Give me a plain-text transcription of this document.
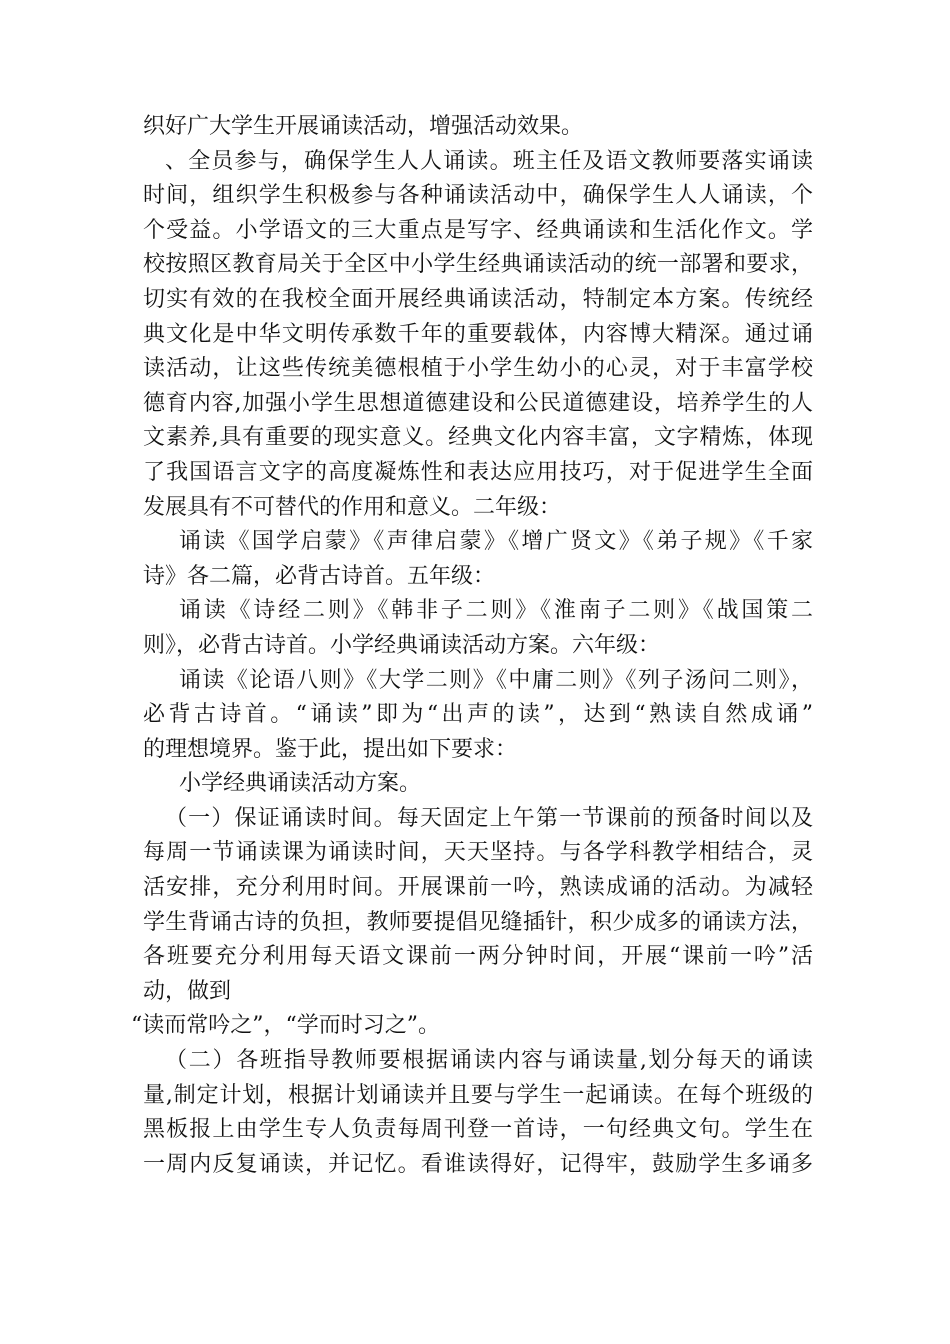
织好广大学生开展诵读活动，增强活动效果。
、全员参与，确保学生人人诵读。班主任及语文教师要落实诵读
时间，组织学生积极参与各种诵读活动中，确保学生人人诵读，个
个受益。小学语文的三大重点是写字、经典诵读和生活化作文。学
校按照区教育局关于全区中小学生经典诵读活动的统一部署和要求，
切实有效的在我校全面开展经典诵读活动，特制定本方案。传统经
典文化是中华文明传承数千年的重要载体，内容博大精深。通过诵
读活动，让这些传统美德根植于小学生幼小的心灵，对于丰富学校
德育内容,加强小学生思想道德建设和公民道德建设，培养学生的人
文素养,具有重要的现实意义。经典文化内容丰富，文字精炼，体现
了我国语言文字的高度凝炼性和表达应用技巧，对于促进学生全面
发展具有不可替代的作用和意义。二年级：
诵读《国学启蒙》《声律启蒙》《增广贤文》《弟子规》《千家
诗》各二篇，必背古诗首。五年级：
诵读《诗经二则》《韩非子二则》《淮南子二则》《战国策二
则》，必背古诗首。小学经典诵读活动方案。六年级：
诵读《论语八则》《大学二则》《中庸二则》《列子汤问二则》，
必背古诗首。“诵读”即为“出声的读”，达到“熟读自然成诵”
的理想境界。鉴于此，提出如下要求：
小学经典诵读活动方案。
（一）保证诵读时间。每天固定上午第一节课前的预备时间以及
每周一节诵读课为诵读时间，天天坚持。与各学科教学相结合，灵
活安排，充分利用时间。开展课前一吟，熟读成诵的活动。为减轻
学生背诵古诗的负担，教师要提倡见缝插针，积少成多的诵读方法，
各班要充分利用每天语文课前一两分钟时间，开展“课前一吟”活
动，做到
“读而常吟之”，“学而时习之”。
（二）各班指导教师要根据诵读内容与诵读量,划分每天的诵读
量,制定计划，根据计划诵读并且要与学生一起诵读。在每个班级的
黑板报上由学生专人负责每周刊登一首诗，一句经典文句。学生在
一周内反复诵读，并记忆。看谁读得好，记得牢，鼓励学生多诵多
